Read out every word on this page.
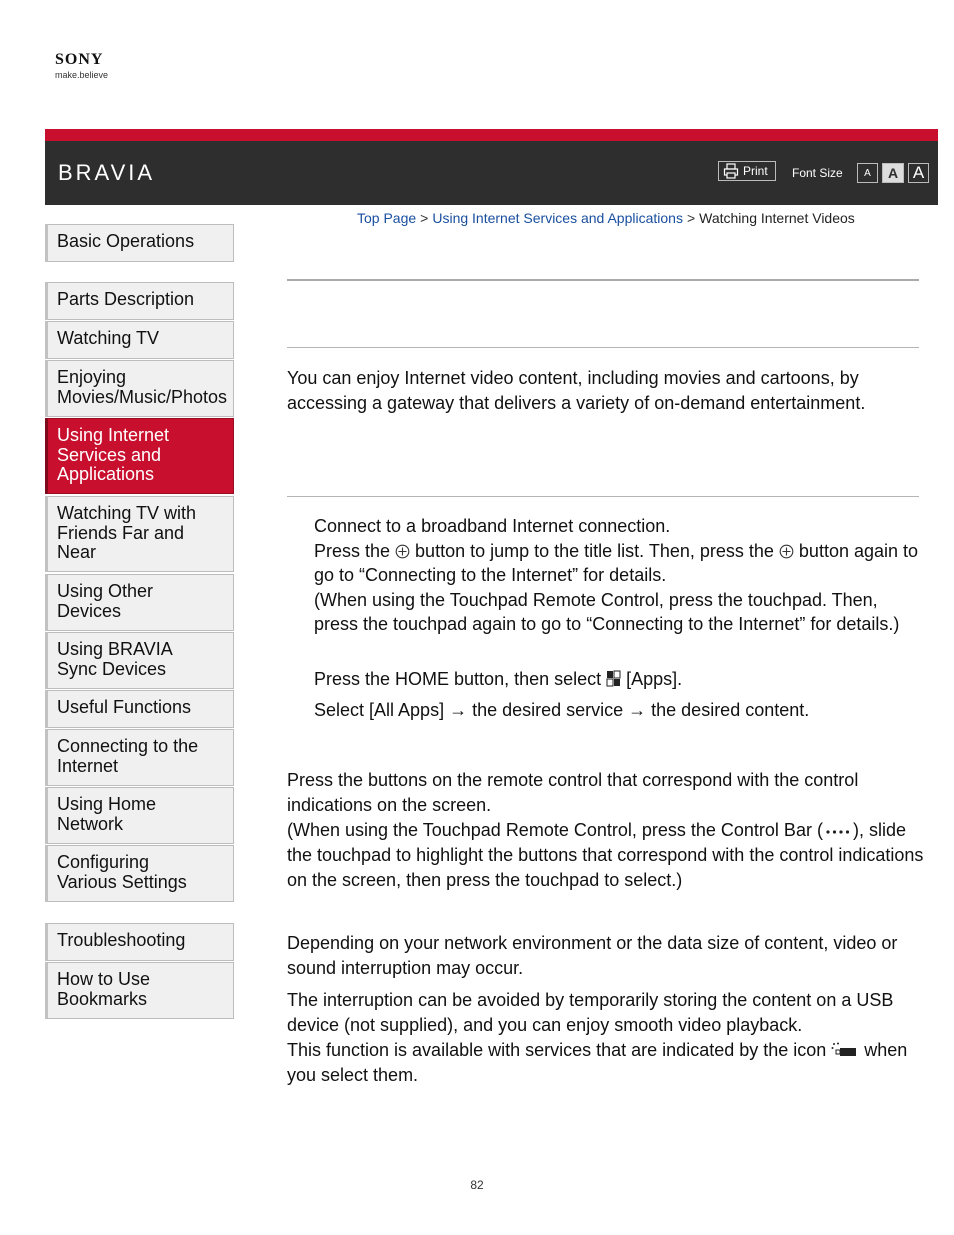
SONY
make.believe
BRAVIA	Print Font Size	A	A A
Top Page > Using Internet Services and Applications > Watching Internet Videos
Basic Operations
Parts Description
Watching TV
Enjoying
Movies/Music/Photos
Using Internet
Services and
Applications
Watching TV with
Friends Far and
Near
Using Other
Devices
Using BRAVIA
Sync Devices
Useful Functions
Connecting to the
Internet
Using Home
Network
Configuring
Various Settings
Troubleshooting
How to Use
Bookmarks

You can enjoy Internet video content, including movies and cartoons, by accessing a gateway that delivers a variety of on-demand entertainment.

Connect to a broadband Internet connection.
Press the  button to jump to the title list. Then, press the  button again to go to “Connecting to the Internet” for details.
(When using the Touchpad Remote Control, press the touchpad. Then, press the touchpad again to go to “Connecting to the Internet” for details.)

Press the HOME button, then select  [Apps].

Select [All Apps] → the desired service → the desired content.

Press the buttons on the remote control that correspond with the control indications on the screen.
(When using the Touchpad Remote Control, press the Control Bar ( ), slide the touchpad to highlight the buttons that correspond with the control indications on the screen, then press the touchpad to select.)

Depending on your network environment or the data size of content, video or sound interruption may occur.

The interruption can be avoided by temporarily storing the content on a USB device (not supplied), and you can enjoy smooth video playback.
This function is available with services that are indicated by the icon  when you select them.

82
